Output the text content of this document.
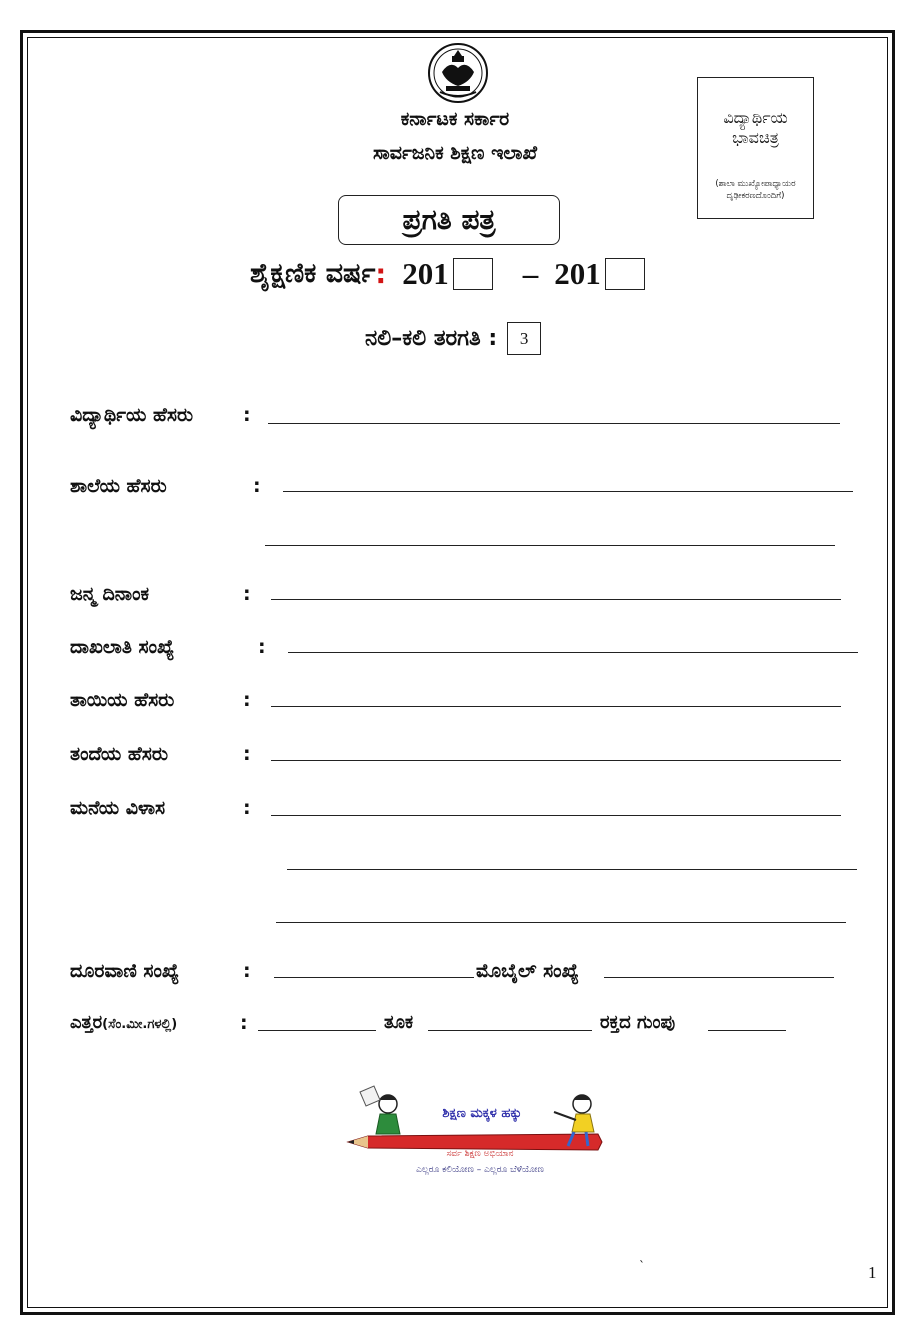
ಕರ್ನಾಟಕ ಸರ್ಕಾರ
ಸಾರ್ವಜನಿಕ ಶಿಕ್ಷಣ ಇಲಾಖೆ
ವಿದ್ಯಾರ್ಥಿಯ ಭಾವಚಿತ್ರ
(ಶಾಲಾ ಮುಖ್ಯೋಪಾಧ್ಯಾಯರ ದೃಢೀಕರಣದೊಂದಿಗೆ)
ಪ್ರಗತಿ ಪತ್ರ
ಶೈಕ್ಷಣಿಕ ವರ್ಷ : 201 – 201
ನಲಿ–ಕಲಿ ತರಗತಿ :	3
ವಿದ್ಯಾರ್ಥಿಯ ಹೆಸರು	:
ಶಾಲೆಯ ಹೆಸರು	:
ಜನ್ಮ ದಿನಾಂಕ	:
ದಾಖಲಾತಿ ಸಂಖ್ಯೆ	:
ತಾಯಿಯ ಹೆಸರು	:
ತಂದೆಯ ಹೆಸರು	:
ಮನೆಯ ವಿಳಾಸ	:
ದೂರವಾಣಿ ಸಂಖ್ಯೆ	:	ಮೊಬೈಲ್ ಸಂಖ್ಯೆ
ಎತ್ತರ(ಸೆಂ.ಮೀ.ಗಳಲ್ಲಿ)	:	ತೂಕ	ರಕ್ತದ ಗುಂಪು
ಶಿಕ್ಷಣ ಮಕ್ಕಳ ಹಕ್ಕು
ಸರ್ವ ಶಿಕ್ಷಣ ಅಭಿಯಾನ
ಎಲ್ಲರೂ ಕಲಿಯೋಣ – ಎಲ್ಲರೂ ಬೆಳೆಯೋಣ
`	1
